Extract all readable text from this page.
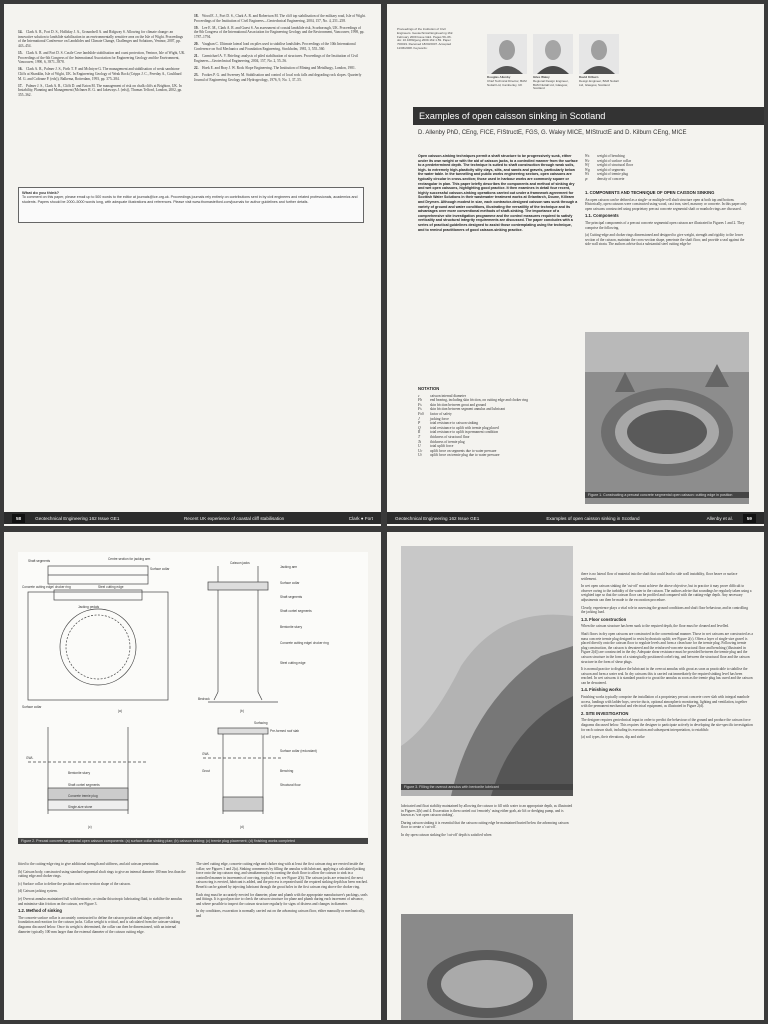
14. Clark A. R., Fort D. S., Holliday J. A., Groundsell A. and Ridgway S. Allowing for climate change: an innovative solution to landslide stabilisation in an environmentally sensitive area on the Isle of Wight. Proceedings of the International Conference on Landslides and Climate Change, Challenges and Solutions, Ventnor, 2007, pp. 443–454.
15. Clark A. R. and Fort D. S. Castle Cove landslide stabilisation and coast protection, Ventnor, Isle of Wight, UK. Proceedings of the 6th Congress of the International Association for Engineering Geology and the Environment, Vancouver, 1990, 6, 3971–3978.
16. Clark A. R., Palmer J. S., Firth T. P. and McIntyre G. The management and stabilisation of weak sandstone Cliffs at Shanklin, Isle of Wight, UK. In Engineering Geology of Weak Rock (Cripps J. C., Fereday A., Coulthard M. G. and Coltrane P. (eds)), Balkema, Rotterdam, 1993, pp. 375–384.
17. Palmer J. S., Clark A. R., Clifft D. and Eaton M. The management of risk on chalk cliffs at Brighton, UK. In Instability, Planning and Management (McInnes R. G. and Jakeways J. (eds)), Thomas Telford, London, 2002, pp. 355–362.
18. Wood E. J., Fort D. S., Clark A. R. and Robertson M. The cliff top stabilisation of the military road, Isle of Wight. Proceedings of the Institution of Civil Engineers—Geotechnical Engineering, 2004, 157, No. 4, 251–258.
19. Lee E. M., Clark A. R. and Guest S. An assessment of coastal landslide risk, Scarborough, UK. Proceedings of the 8th Congress of the International Association for Engineering Geology and the Environment, Vancouver, 1998, pp. 1787–1794.
20. Vaughan C. Ultimate lateral load on piles used to stabilise landslides. Proceedings of the 10th International Conference on Soil Mechanics and Foundation Engineering, Stockholm, 1981, 3, 555–560.
21. Carmichael A. V. Briefing: analysis of piled stabilisation of structures. Proceedings of the Institution of Civil Engineers—Geotechnical Engineering, 2004, 157, No. 2, 55–56.
22. Hoek E. and Bray J. W. Rock Slope Engineering. The Institution of Mining and Metallurgy, London, 1981.
23. Fookes P. G. and Sweeney M. Stabilisation and control of local rock falls and degrading rock slopes. Quarterly Journal of Engineering Geology and Hydrogeology, 1976, 9, No. 1, 37–55.
What do you think?
To comment on this paper, please email up to 500 words to the editor at journals@ice.org.uk. Proceedings journals rely entirely on contributions sent in by civil engineers and related professionals, academics and students. Papers should be 2000–5000 words long, with adequate illustrations and references. Please visit www.thomastelford.com/journals for author guidelines and further details.
58	Geotechnical Engineering 162 Issue GE1	Recent UK experience of coastal cliff stabilisation	Clark ● Fort
Proceedings of the Institution of Civil Engineers. Geotechnical Engineering 162. February 2009 Issue GE1. Pages 59–66. doi: 10.1680/geng.2009.162.1.59. Paper 700019. Received 18/03/2007. Accepted 11/06/2008. Keywords:
Douglas Allenby
Chief Technical Director, BAM Nuttall Ltd, Camberley, UK
Giles Waley
Regional Design Engineer, BAM Nuttall Ltd, Glasgow, Scotland
David Kilburn
Design Engineer, BAM Nuttall Ltd, Glasgow, Scotland
Examples of open caisson sinking in Scotland
D. Allenby PhD, CEng, FICE, FIStructE, FGS, G. Waley MICE, MIStructE and D. Kilburn CEng, MICE
Open caisson-sinking techniques permit a shaft structure to be progressively sunk, either under its own weight or with the aid of caisson jacks, to a controlled manner from the surface to a predetermined depth. The technique is suited to shaft construction through weak soils, high- to extremely high-plasticity silty clays, silts, and sands and gravels, particularly below the water table. In the tunnelling and public works engineering sectors, open caissons are typically circular in cross-section; those used in harbour works are commonly square or rectangular in plan. This paper briefly describes the components and method of sinking dry and wet open caissons, highlighting good practice. It then examines in detail four recent, highly successful caisson-sinking operations carried out under a framework agreement for Scottish Water Solutions in their wastewater treatment works at Grianfarch, Doune, Killearn and Drymen. Although modest in size, each contractor-designed caisson was sunk through a variety of ground and water conditions, illustrating the versatility of the technique and its advantages over more conventional methods of shaft-sinking. The importance of a comprehensive site investigation programme and the control measures required to satisfy verticality and structural integrity requirements are discussed. The paper concludes with a series of practical guidelines designed to assist those contemplating using the technique, and to remind practitioners of good caisson-sinking practice.
NOTATION
c	caisson internal diameter
Fb	end bearing, including skin friction, on cutting edge and choker ring
Fs	skin friction between grout and ground
Fs	skin friction between segment annulus and lubricant
FoS	factor of safety
J	jacking force
P	total resistance to caisson sinking
Q	total resistance to uplift with tremie plug placed
R	total resistance to uplift in permanent condition
T	thickness of structural floor
Ts	thickness of tremie plug
U	total uplift force
Uc	uplift force on segments due to water pressure
Ut	uplift force on tremie plug due to water pressure
Ws	weight of benching
Wc	weight of surface collar
Wf	weight of structural floor
Wg	weight of segments
Wt	weight of tremie plug
γc	density of concrete
1. COMPONENTS AND TECHNIQUE OF OPEN CAISSON SINKING

An open caisson can be defined as a single- or multiple-cell shaft structure open at both top and bottom. Historically, open caissons were constructed using wood, cast iron, steel, masonry or concrete. In this paper only open caissons constructed using proprietary precast concrete segmental shaft or manhole rings are discussed.

1.1. Components

The principal components of a precast concrete segmental open caisson are illustrated in Figures 1 and 2. They comprise the following.

(a) Cutting-edge and choker rings dimensioned and designed to give weight, strength and rigidity to the lower section of the caisson, maintain the cross-section shape, penetrate the shaft floor, and provide a seal against the side wall strata. The authors advise that a substantial steel cutting edge be

Figure 1. Constructing a precast concrete segmental open caisson: cutting edge in position
Geotechnical Engineering 162 Issue GE1	Examples of open caisson sinking in Scotland	Allenby et al.	59
Shaft segments	Centre section for jacking arm
Surface collar
Concrete cutting edge/ choker ring	Steel cutting edge
Jacking pedals
Surface collar
(a)
Caisson jacks
Jacking arm
Surface collar
Shaft segments
Shaft corbel segments
Bentonite slurry
Concrete cutting edge/ choker ring
Steel cutting edge
Bedrock
(b)
GWL
Bentonite slurry
Shaft corbel segments
Concrete tremie plug
Single-size stone
(c)
Surfacing
Pre-formed roof slab
Surface collar (redundant)
Benching
Structural floor
GWL
Grout
(d)
Figure 2. Precast concrete segmental open caisson components: (a) surface collar sinking plan; (b) caisson sinking; (c) tremie plug placement; (d) finishing works completed

fitted to the cutting-edge ring to give additional strength and stiffness, and aid caisson penetration.

(b) Caisson body, constructed using standard segmental shaft rings to give an internal diameter 100 mm less than the cutting edge and choker rings.

(c) Surface collar to define the position and cross-section shape of the caisson.

(d) Caisson jacking system.

(e) Overcut annulus maintained full with bentonite, or similar thixotropic lubricating fluid, to stabilise the annulus and minimise skin friction on the caisson, see Figure 3.

1.2. Method of sinking

The concrete surface collar is accurately constructed to define the caisson position and shape, and provide a foundation and reaction for the caisson jacks. Collar weight is critical, and is calculated from the caisson-sinking diagrams discussed below. Once its weight is determined, the collar can then be dimensioned, with an internal diameter typically 100 mm larger than the external diameter of the caisson cutting edge.

The steel cutting edge, concrete cutting edge and choker ring with at least the first caisson ring are erected inside the collar; see Figures 1 and 2(a). Sinking commences by filling the annulus with lubricant, applying a calculated jacking force onto the top caisson ring, and simultaneously excavating the shaft floor to allow the caisson to sink in a controlled manner in increments of one ring, typically 1 m; see Figure 2(b). The caisson jacks are retracted, the next caisson ring is erected, lubricant is added, and the process is repeated until the required sinking depth has been reached. Benefit can be gained by injecting lubricant through the grout holes in the first caisson ring above the choker ring.

Each ring must be accurately erected for diameter, plane and plumb with the appropriate manufacturer's packings, seals and fittings. It is good practice to check the caisson structure for plane and plumb during each increment of advance, and where possible to inspect the caisson structure regularly for signs of distress and changes in diameter.

In dry conditions, excavation is normally carried out on the advancing caisson floor, either manually or mechanically, and

Figure 3. Filling the overcut annulus with bentonite lubricant

lubricated and float stability maintained by allowing the caisson to fill with water to an appropriate depth, as illustrated in Figures 2(b) and 4. Excavation is then carried out 'remotely' using either grab, air lift or dredging pump, and is known as 'wet open caisson sinking'.

During caisson sinking it is essential that the caisson cutting edge be maintained buried below the advancing caisson floor to create a 'cut-off'.

In dry open caisson sinking the 'cut-off' depth is satisfied when

there is no lateral flow of material into the shaft that could lead to side wall instability, floor heave or surface settlement.

In wet open caisson sinking the 'cut-off' must achieve the above objective, but in practice it may prove difficult to observe owing to the turbidity of the water in the caisson. The authors advise that soundings be regularly taken using a weighted tape so that the caisson floor can be profiled and compared with the cutting-edge depth. Any necessary adjustments can then be made to the excavation procedure.

Clearly, experience plays a vital role in assessing the ground conditions and shaft floor behaviour, and in controlling the jacking load.

1.3. Floor construction

When the caisson structure has been sunk to the required depth, the floor must be cleaned and levelled.

Shaft floors in dry open caissons are constructed in the conventional manner. Those in wet caissons are constructed as a mass concrete tremie plug designed to resist hydrostatic uplift; see Figure 2(c). Often a layer of single-size gravel is placed directly onto the caisson floor to regulate levels and form a clean base for the tremie plug. Following tremie plug construction, the caisson is dewatered and the reinforced-concrete structural floor and benching (illustrated in Figure 2(d)) are constructed in the dry. Adequate shear resistance must be provided between the tremie plug and the caisson structure in the form of a strategically positioned corbel ring, and between the structural floor and the caisson structure in the form of shear plugs.

It is normal practice to displace the lubricant in the overcut annulus with grout as soon as practicable to stabilise the caisson and form a water seal. In dry caissons this is carried out immediately the required sinking level has been reached. In wet caissons it is standard practice to grout the annulus as soon as the tremie plug has cured and the caisson can be dewatered.

1.4. Finishing works

Finishing works typically comprise the installation of a proprietary precast concrete cover slab with integral manhole access, landings with ladder bays, service ducts, optional atmospheric monitoring, lighting and ventilation, together with the permanent mechanical and electrical equipment, as illustrated in Figure 2(d).

2. SITE INVESTIGATION

The designer requires geotechnical input in order to predict the behaviour of the ground and produce the caisson force diagrams discussed below. This requires the designer to participate actively in developing the site-specific investigation for each caisson shaft, including its execution and subsequent interpretation, to establish:

(a) soil types, their elevations, dip and strike
